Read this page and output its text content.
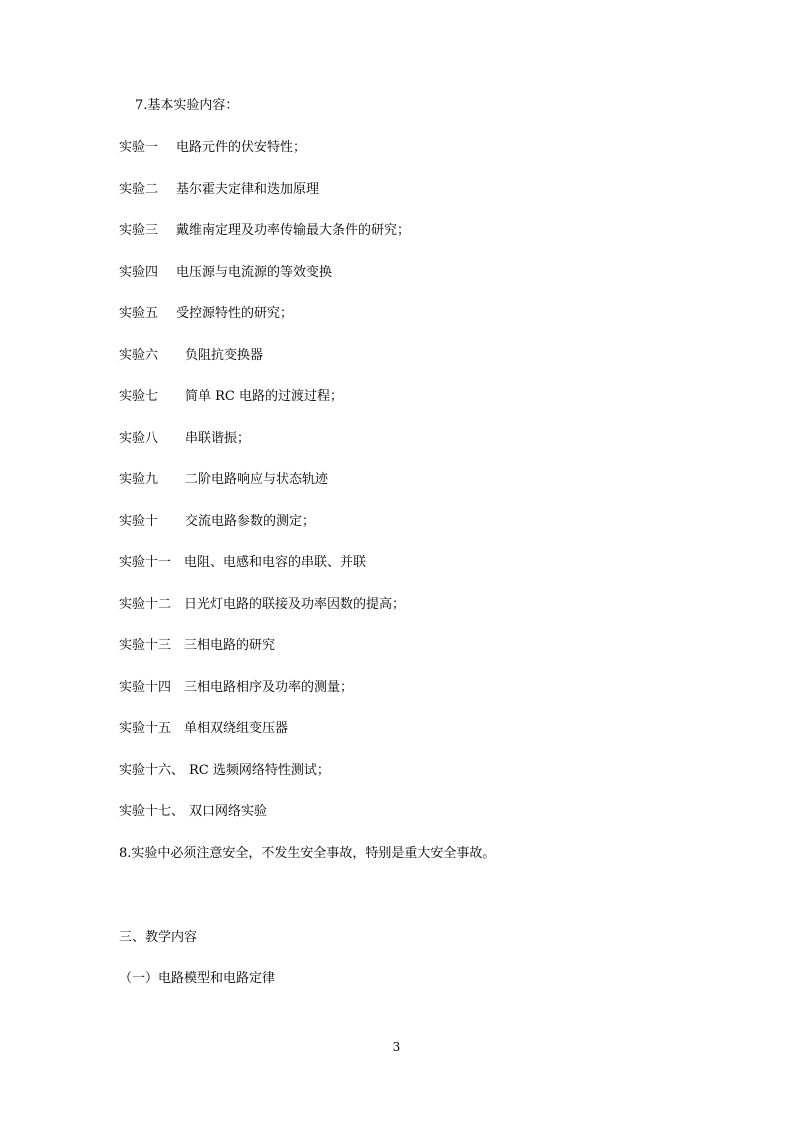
7.基本实验内容：
实验一 电路元件的伏安特性；
实验二 基尔霍夫定律和迭加原理
实验三 戴维南定理及功率传输最大条件的研究；
实验四 电压源与电流源的等效变换
实验五 受控源特性的研究；
实验六 负阻抗变换器
实验七 简单 RC 电路的过渡过程；
实验八 串联谐振；
实验九 二阶电路响应与状态轨迹
实验十 交流电路参数的测定；
实验十一 电阻、电感和电容的串联、并联
实验十二 日光灯电路的联接及功率因数的提高；
实验十三 三相电路的研究
实验十四 三相电路相序及功率的测量；
实验十五 单相双绕组变压器
实验十六、 RC 选频网络特性测试；
实验十七、 双口网络实验
8.实验中必须注意安全，不发生安全事故，特别是重大安全事故。
三、教学内容
（一）电路模型和电路定律
3
